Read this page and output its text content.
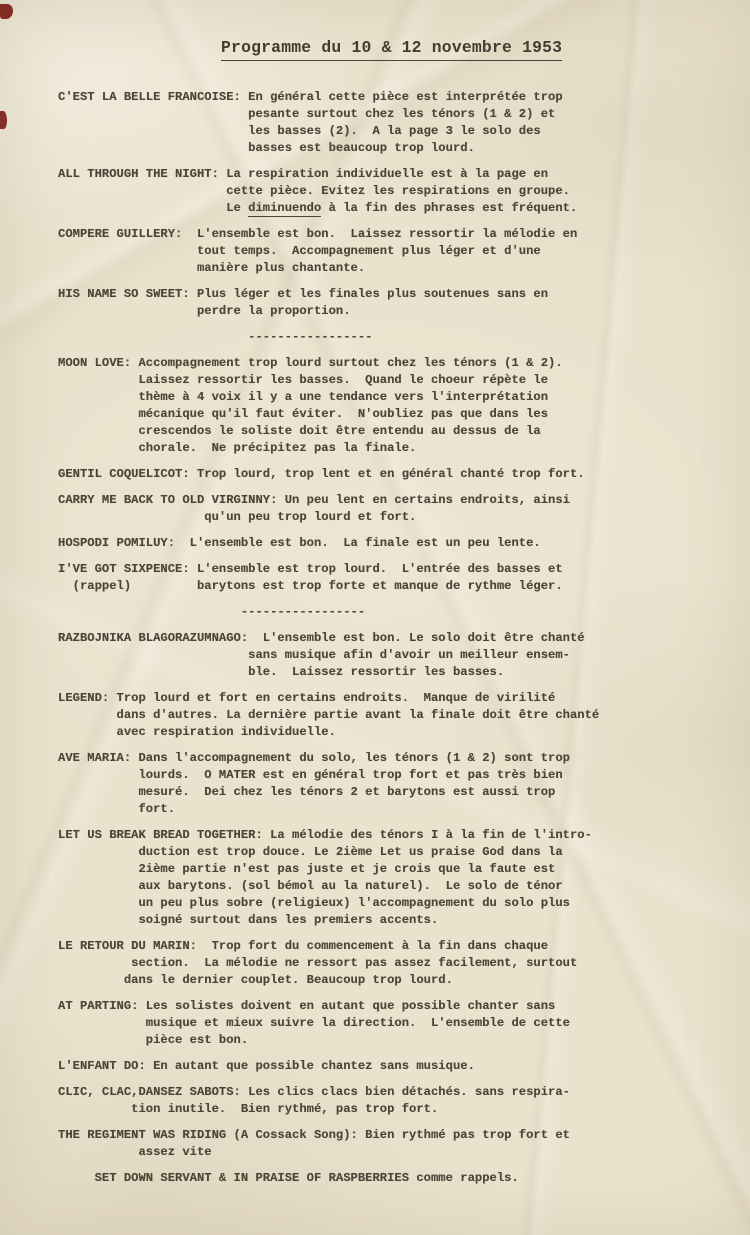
Programme du 10 & 12 novembre 1953
C'EST LA BELLE FRANCOISE: En général cette pièce est interprétée trop
pesante surtout chez les ténors (1 & 2) et
les basses (2).  A la page 3 le solo des
basses est beaucoup trop lourd.
ALL THROUGH THE NIGHT: La respiration individuelle est à la page en
cette pièce. Evitez les respirations en groupe.
Le diminuendo à la fin des phrases est fréquent.
COMPERE GUILLERY:  L'ensemble est bon.  Laissez ressortir la mélodie en
tout temps.  Accompagnement plus léger et d'une
manière plus chantante.
HIS NAME SO SWEET: Plus léger et les finales plus soutenues sans en
perdre la proportion.
-----------------
MOON LOVE: Accompagnement trop lourd surtout chez les ténors (1 & 2).
Laissez ressortir les basses.  Quand le choeur répète le
thème à 4 voix il y a une tendance vers l'interprétation
mécanique qu'il faut éviter.  N'oubliez pas que dans les
crescendos le soliste doit être entendu au dessus de la
chorale.  Ne précipitez pas la finale.
GENTIL COQUELICOT: Trop lourd, trop lent et en général chanté trop fort.
CARRY ME BACK TO OLD VIRGINNY: Un peu lent en certains endroits, ainsi
qu'un peu trop lourd et fort.
HOSPODI POMILUY:  L'ensemble est bon.  La finale est un peu lente.
I'VE GOT SIXPENCE: L'ensemble est trop lourd.  L'entrée des basses et
(rappel)         barytons est trop forte et manque de rythme léger.
-----------------
RAZBOJNIKA BLAGORAZUMNAGO:  L'ensemble est bon. Le solo doit être chanté
sans musique afin d'avoir un meilleur ensem-
ble.  Laissez ressortir les basses.
LEGEND: Trop lourd et fort en certains endroits.  Manque de virilité
dans d'autres. La dernière partie avant la finale doit être chanté
avec respiration individuelle.
AVE MARIA: Dans l'accompagnement du solo, les ténors (1 & 2) sont trop
lourds.  O MATER est en général trop fort et pas très bien
mesuré.  Dei chez les ténors 2 et barytons est aussi trop
fort.
LET US BREAK BREAD TOGETHER: La mélodie des ténors I à la fin de l'intro-
duction est trop douce. Le 2ième Let us praise God dans la
2ième partie n'est pas juste et je crois que la faute est
aux barytons. (sol bémol au la naturel).  Le solo de ténor
un peu plus sobre (religieux) l'accompagnement du solo plus
soigné surtout dans les premiers accents.
LE RETOUR DU MARIN:  Trop fort du commencement à la fin dans chaque
section.  La mélodie ne ressort pas assez facilement, surtout
dans le dernier couplet. Beaucoup trop lourd.
AT PARTING: Les solistes doivent en autant que possible chanter sans
musique et mieux suivre la direction.  L'ensemble de cette
pièce est bon.
L'ENFANT DO: En autant que possible chantez sans musique.
CLIC, CLAC,DANSEZ SABOTS: Les clics clacs bien détachés. sans respira-
tion inutile.  Bien rythmé, pas trop fort.
THE REGIMENT WAS RIDING (A Cossack Song): Bien rythmé pas trop fort et
assez vite
SET DOWN SERVANT & IN PRAISE OF RASPBERRIES comme rappels.
